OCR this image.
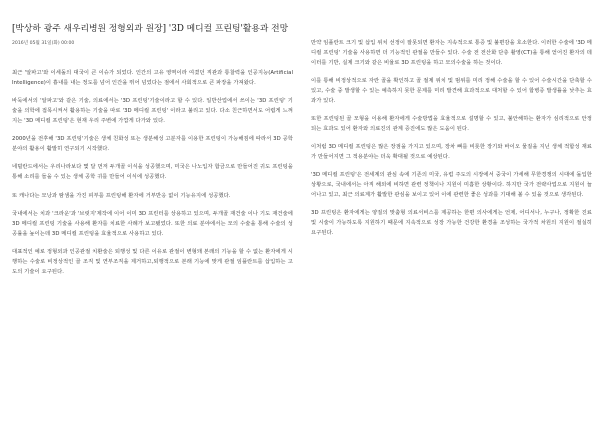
[박상하 광주 새우리병원 정형외과 원장] '3D 메디컬 프린팅'활용과 전망
2016년 05월 31일(화) 00:00

최근 '알파고'와 이세돌의 대국이 큰 이슈가 되었다. 인간의 고유 영역이라 여겼던 직관과 통찰력을 인공지능(Artificial Intelligence)이 흉내를 내는 정도를 넘어 인간을 뛰어 넘었다는 점에서 사회적으로 큰 파장을 가져왔다.

바둑에서의 '알파고'와 같은 기술, 의료에서는 '3D 프린팅'기술이라고 할 수 있다. 일반산업에서 쓰이는 '3D 프린팅' 기술을 의학에 접목시켜서 활용하는 기술을 따로 '3D 메디컬 프린팅' 이라고 불리고 있다. 다소 친근하면서도 어렵게 느껴지는 '3D 메디컬 프린팅'은 현재 우리 주변에 가깝게 다가와 있다.

2000년을 전후해 '3D 프린팅'기술은 생체 친화성 또는 생분해성 고분자를 이용한 프린팅이 가능해짐에 따라서 3D 공학분야의 활용이 활발히 연구되기 시작했다.

네덜란드에서는 우리나라보다 몇 달 먼저 두개골 이식을 성공했으며, 미국은 나노입자 합금으로 만들어진 귀도 프린팅을 통해 소리를 들을 수 있는 생체 공학 귀를 만들어 이식에 성공했다.

또 캐나다는 모낭과 땀샘을 가진 피부를 프린팅해 환자에 거부반응 없이 기능유지에 성공했다.

국내에서는 치과 '크라운'과 '브릿지'제작에 이어 이미 3D 프린터를 상용하고 있으며, 두개골 재건술 이나 기도 재건술에 3D 메디컬 프린팅 기술을 사용해 환자를 치료한 사례가 보고됐었다. 또한 의료 분야에서는 모의 수술을 통해 수술의 성공률을 높이는데 3D 메디컬 프린팅을 효율적으로 사용하고 있다.

대표적인 예로 정형외과 인공관절 치환술은 퇴행성 및 다른 이유로 관절이 변형돼 본래의 기능을 할 수 없는 환자에게 시행하는 수술로 비정상적인 골 조직 및 연부조직을 제거하고,퇴행적으로 본래 기능에 맞게 관절 임플란트를 삽입하는 고도의 기술이 요구된다.

만약 임플란트 크기 및 삽입 위치 선정이 잘못되면 환자는 지속적으로 통증 및 불편감을 호소한다. 이러한 수술에 '3D 메디컬 프린팅' 기술을 사용하면 더 기능적인 관절을 만들수 있다. 수술 전 전산화 단층 촬영(CT)을 통해 얻어진 환자의 데이터를 기반, 실제 크기와 같은 비율로 3D 프린팅을 하고 모의수술을 하는 것이다.

이를 통해 비정상적으로 자란 골을 확인하고 골 절제 위치 및 범위를 미리 정해 수술을 할 수 있어 수술시간을 단축할 수 있고, 수술 중 발생할 수 있는 예측하지 못한 문제를 미리 발견해 효과적으로 대처할 수 있어 합병증 발생률을 낮추는 효과가 있다.

또한 프린팅된 골 모형을 이용해 환자에게 수술방법을 효율적으로 설명할 수 있고, 불안해하는 환자가 심리적으로 안정되는 효과도 있어 환자와 의료진의 관계 증진에도 많은 도움이 된다.

이처럼 3D 메디컬 프린팅은 많은 장점을 가지고 있으며, 장차 뼈를 비롯한 장기와 바이오 물질을 지닌 생체 적합성 재료가 만들어지면 그 적용분야는 더욱 확대될 것으로 예상된다.

'3D 메디컬 프린팅'은 전세계의 관심 속에 기존의 미국, 유럽 주도의 시장에서 중국이 가세해 무한경쟁의 시대에 돌입한 상황으로, 국내에서는 아직 해외에 비하면 관련 정책이나 지원이 미흡한 상황이다. 하지만 국가 전략사업으로 지원이 늘어나고 있고, 최근 의료계가 활발한 관심을 보이고 있어 이에 관련한 좋은 성과를 기대해 볼 수 있을 것으로 생각된다.

3D 프린팅은 환자에게는 양질의 맞춤형 의료서비스를 제공하는 한편 의사에게는 언제, 어디서나, 누구나, 정확한 진료 및 시술이 가능하도록 지원하기 때문에 지속적으로 성장 가능한 건강한 환경을 조성하는 국가적 차원의 지원이 절실히 요구된다.
